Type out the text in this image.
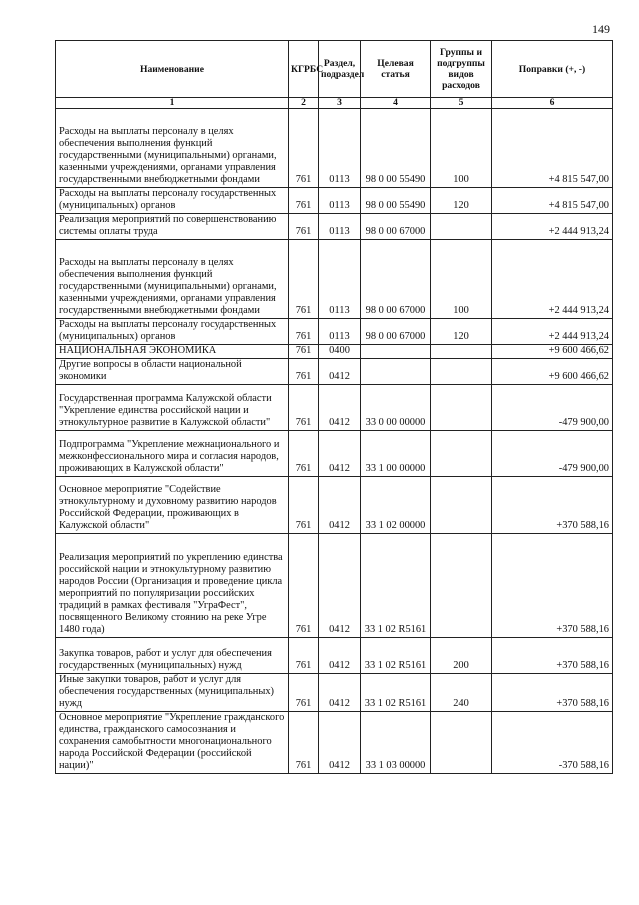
149
Наименование	КГРБС	Раздел, подраздел	Целевая статья	Группы и подгруппы видов расходов	Поправки (+, -)
1	2	3	4	5	6
Расходы на выплаты персоналу в целях обеспечения выполнения функций государственными (муниципальными) органами, казенными учреждениями, органами управления государственными внебюджетными фондами	761	0113	98 0 00 55490	100	+4 815 547,00
Расходы на выплаты персоналу государственных (муниципальных) органов	761	0113	98 0 00 55490	120	+4 815 547,00
Реализация мероприятий по совершенствованию системы оплаты труда	761	0113	98 0 00 67000		+2 444 913,24
Расходы на выплаты персоналу в целях обеспечения выполнения функций государственными (муниципальными) органами, казенными учреждениями, органами управления государственными внебюджетными фондами	761	0113	98 0 00 67000	100	+2 444 913,24
Расходы на выплаты персоналу государственных (муниципальных) органов	761	0113	98 0 00 67000	120	+2 444 913,24
НАЦИОНАЛЬНАЯ ЭКОНОМИКА	761	0400			+9 600 466,62
Другие вопросы в области национальной экономики	761	0412			+9 600 466,62
Государственная программа Калужской области "Укрепление единства российской нации и этнокультурное развитие в Калужской области"	761	0412	33 0 00 00000		-479 900,00
Подпрограмма "Укрепление межнационального и межконфессионального мира и согласия народов, проживающих в Калужской области"	761	0412	33 1 00 00000		-479 900,00
Основное мероприятие "Содействие этнокультурному и духовному развитию народов Российской Федерации, проживающих в Калужской области"	761	0412	33 1 02 00000		+370 588,16
Реализация мероприятий по укреплению единства российской нации и этнокультурному развитию народов России (Организация и проведение цикла мероприятий по популяризации российских традиций в рамках фестиваля "УграФест", посвященного Великому стоянию на реке Угре 1480 года)	761	0412	33 1 02 R5161		+370 588,16
Закупка товаров, работ и услуг для обеспечения государственных (муниципальных) нужд	761	0412	33 1 02 R5161	200	+370 588,16
Иные закупки товаров, работ и услуг для обеспечения государственных (муниципальных) нужд	761	0412	33 1 02 R5161	240	+370 588,16
Основное мероприятие "Укрепление гражданского единства, гражданского самосознания и сохранения самобытности многонационального народа Российской Федерации (российской нации)"	761	0412	33 1 03 00000		-370 588,16
